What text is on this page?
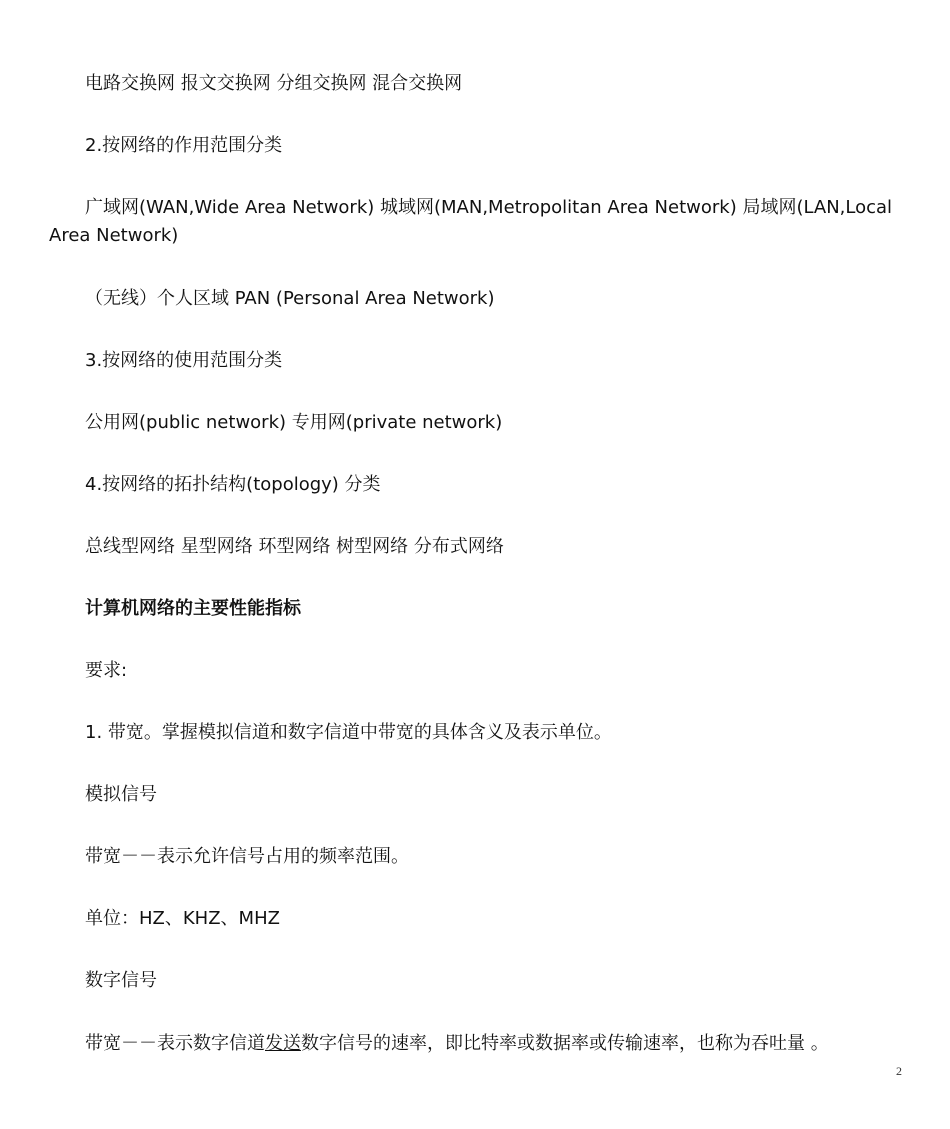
电路交换网 报文交换网 分组交换网 混合交换网
2.按网络的作用范围分类
广域网(WAN,Wide Area Network) 城域网(MAN,Metropolitan Area Network) 局域网(LAN,Local Area Network)
（无线）个人区域 PAN (Personal Area Network)
3.按网络的使用范围分类
公用网(public network) 专用网(private network)
4.按网络的拓扑结构(topology) 分类
总线型网络 星型网络 环型网络 树型网络 分布式网络
计算机网络的主要性能指标
要求:
1. 带宽。掌握模拟信道和数字信道中带宽的具体含义及表示单位。
模拟信号
带宽－－表示允许信号占用的频率范围。
单位：HZ、KHZ、MHZ
数字信号
带宽－－表示数字信道发送数字信号的速率，即比特率或数据率或传输速率，也称为吞吐量 。
2
